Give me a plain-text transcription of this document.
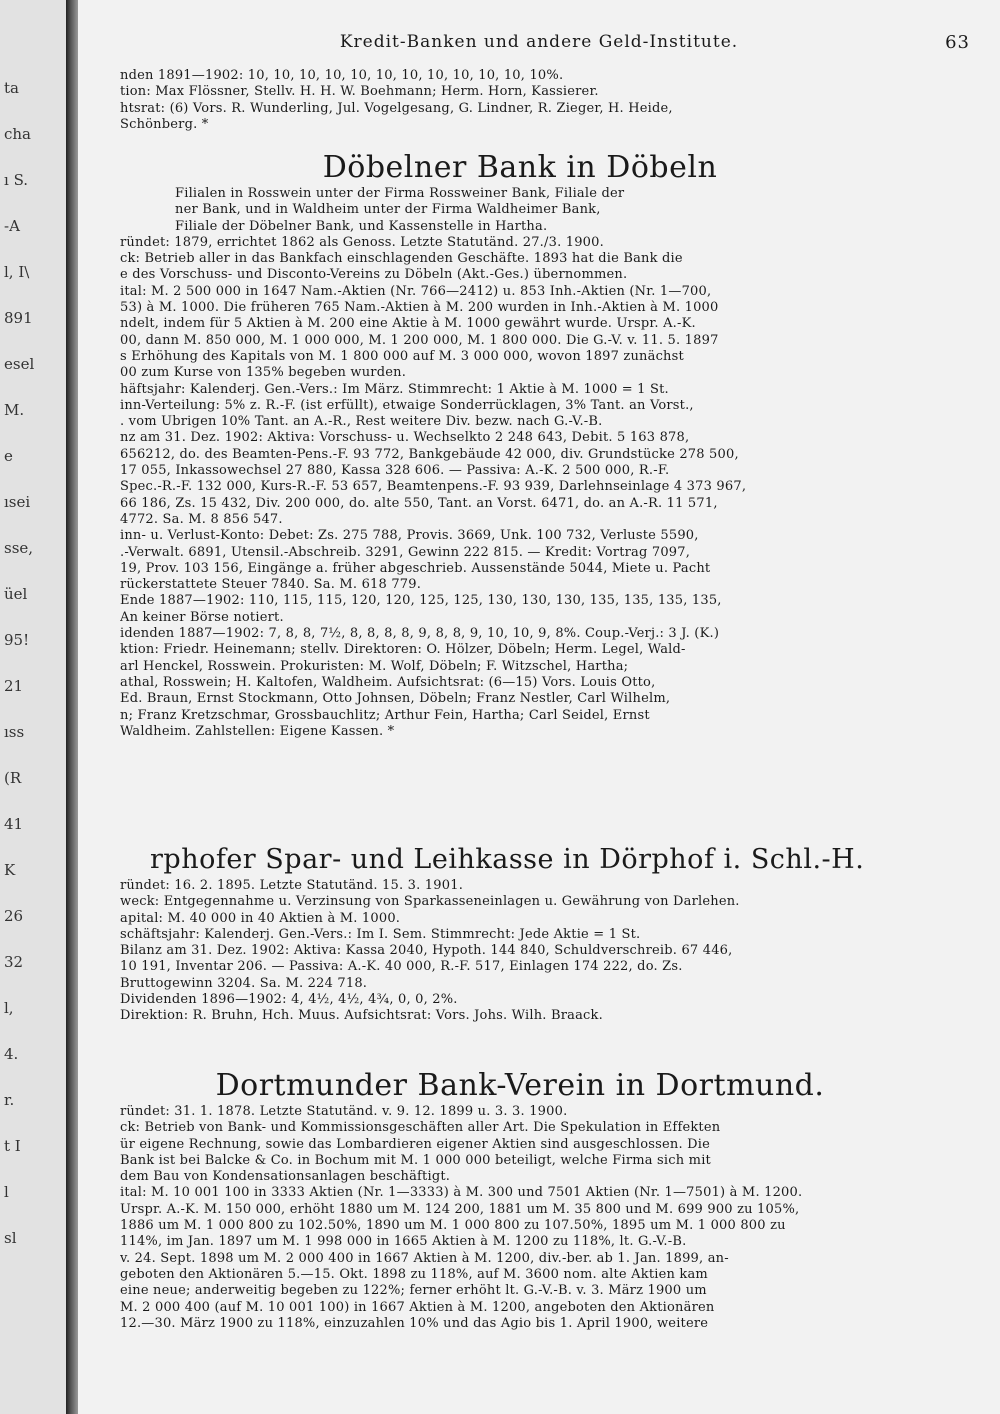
ta
cha
ı S.
-A
l, I\
891
esel
M.
e
ısei
sse,
üel
95!
21
ıss
(R
41
K
26
32
l,
4.
r.
t I
l
sl
Kredit-Banken und andere Geld-Institute.	63
nden 1891—1902: 10, 10, 10, 10, 10, 10, 10, 10, 10, 10, 10, 10%.
tion: Max Flössner, Stellv. H. H. W. Boehmann; Herm. Horn, Kassierer.
htsrat: (6) Vors. R. Wunderling, Jul. Vogelgesang, G. Lindner, R. Zieger, H. Heide,
Schönberg. *
Döbelner Bank in Döbeln
Filialen in Rosswein unter der Firma Rossweiner Bank, Filiale der
ner Bank, und in Waldheim unter der Firma Waldheimer Bank,
Filiale der Döbelner Bank, und Kassenstelle in Hartha.
ründet: 1879, errichtet 1862 als Genoss. Letzte Statutänd. 27./3. 1900.
ck: Betrieb aller in das Bankfach einschlagenden Geschäfte. 1893 hat die Bank die
e des Vorschuss- und Disconto-Vereins zu Döbeln (Akt.-Ges.) übernommen.
ital: M. 2 500 000 in 1647 Nam.-Aktien (Nr. 766—2412) u. 853 Inh.-Aktien (Nr. 1—700,
53) à M. 1000. Die früheren 765 Nam.-Aktien à M. 200 wurden in Inh.-Aktien à M. 1000
ndelt, indem für 5 Aktien à M. 200 eine Aktie à M. 1000 gewährt wurde. Urspr. A.-K.
00, dann M. 850 000, M. 1 000 000, M. 1 200 000, M. 1 800 000. Die G.-V. v. 11. 5. 1897
s Erhöhung des Kapitals von M. 1 800 000 auf M. 3 000 000, wovon 1897 zunächst
00 zum Kurse von 135% begeben wurden.
häftsjahr: Kalenderj. Gen.-Vers.: Im März. Stimmrecht: 1 Aktie à M. 1000 = 1 St.
inn-Verteilung: 5% z. R.-F. (ist erfüllt), etwaige Sonderrücklagen, 3% Tant. an Vorst.,
. vom Übrigen 10% Tant. an A.-R., Rest weitere Div. bezw. nach G.-V.-B.
nz am 31. Dez. 1902: Aktiva: Vorschuss- u. Wechselkto 2 248 643, Debit. 5 163 878,
656212, do. des Beamten-Pens.-F. 93 772, Bankgebäude 42 000, div. Grundstücke 278 500,
17 055, Inkassowechsel 27 880, Kassa 328 606. — Passiva: A.-K. 2 500 000, R.-F.
Spec.-R.-F. 132 000, Kurs-R.-F. 53 657, Beamtenpens.-F. 93 939, Darlehnseinlage 4 373 967,
66 186, Zs. 15 432, Div. 200 000, do. alte 550, Tant. an Vorst. 6471, do. an A.-R. 11 571,
4772. Sa. M. 8 856 547.
inn- u. Verlust-Konto: Debet: Zs. 275 788, Provis. 3669, Unk. 100 732, Verluste 5590,
.-Verwalt. 6891, Utensil.-Abschreib. 3291, Gewinn 222 815. — Kredit: Vortrag 7097,
19, Prov. 103 156, Eingänge a. früher abgeschrieb. Aussenstände 5044, Miete u. Pacht
rückerstattete Steuer 7840. Sa. M. 618 779.
Ende 1887—1902: 110, 115, 115, 120, 120, 125, 125, 130, 130, 130, 135, 135, 135, 135,
An keiner Börse notiert.
idenden 1887—1902: 7, 8, 8, 7½, 8, 8, 8, 8, 9, 8, 8, 9, 10, 10, 9, 8%. Coup.-Verj.: 3 J. (K.)
ktion: Friedr. Heinemann; stellv. Direktoren: O. Hölzer, Döbeln; Herm. Legel, Wald-
arl Henckel, Rosswein. Prokuristen: M. Wolf, Döbeln; F. Witzschel, Hartha;
athal, Rosswein; H. Kaltofen, Waldheim. Aufsichtsrat: (6—15) Vors. Louis Otto,
Ed. Braun, Ernst Stockmann, Otto Johnsen, Döbeln; Franz Nestler, Carl Wilhelm,
n; Franz Kretzschmar, Grossbauchlitz; Arthur Fein, Hartha; Carl Seidel, Ernst
Waldheim. Zahlstellen: Eigene Kassen. *
rphofer Spar- und Leihkasse in Dörphof i. Schl.-H.
ründet: 16. 2. 1895. Letzte Statutänd. 15. 3. 1901.
weck: Entgegennahme u. Verzinsung von Sparkasseneinlagen u. Gewährung von Darlehen.
apital: M. 40 000 in 40 Aktien à M. 1000.
schäftsjahr: Kalenderj. Gen.-Vers.: Im I. Sem. Stimmrecht: Jede Aktie = 1 St.
Bilanz am 31. Dez. 1902: Aktiva: Kassa 2040, Hypoth. 144 840, Schuldverschreib. 67 446,
10 191, Inventar 206. — Passiva: A.-K. 40 000, R.-F. 517, Einlagen 174 222, do. Zs.
Bruttogewinn 3204. Sa. M. 224 718.
Dividenden 1896—1902: 4, 4½, 4½, 4¾, 0, 0, 2%.
Direktion: R. Bruhn, Hch. Muus. Aufsichtsrat: Vors. Johs. Wilh. Braack.
Dortmunder Bank-Verein in Dortmund.
ründet: 31. 1. 1878. Letzte Statutänd. v. 9. 12. 1899 u. 3. 3. 1900.
ck: Betrieb von Bank- und Kommissionsgeschäften aller Art. Die Spekulation in Effekten
ür eigene Rechnung, sowie das Lombardieren eigener Aktien sind ausgeschlossen. Die
Bank ist bei Balcke & Co. in Bochum mit M. 1 000 000 beteiligt, welche Firma sich mit
dem Bau von Kondensationsanlagen beschäftigt.
ital: M. 10 001 100 in 3333 Aktien (Nr. 1—3333) à M. 300 und 7501 Aktien (Nr. 1—7501) à M. 1200.
Urspr. A.-K. M. 150 000, erhöht 1880 um M. 124 200, 1881 um M. 35 800 und M. 699 900 zu 105%,
1886 um M. 1 000 800 zu 102.50%, 1890 um M. 1 000 800 zu 107.50%, 1895 um M. 1 000 800 zu
114%, im Jan. 1897 um M. 1 998 000 in 1665 Aktien à M. 1200 zu 118%, lt. G.-V.-B.
v. 24. Sept. 1898 um M. 2 000 400 in 1667 Aktien à M. 1200, div.-ber. ab 1. Jan. 1899, an-
geboten den Aktionären 5.—15. Okt. 1898 zu 118%, auf M. 3600 nom. alte Aktien kam
eine neue; anderweitig begeben zu 122%; ferner erhöht lt. G.-V.-B. v. 3. März 1900 um
M. 2 000 400 (auf M. 10 001 100) in 1667 Aktien à M. 1200, angeboten den Aktionären
12.—30. März 1900 zu 118%, einzuzahlen 10% und das Agio bis 1. April 1900, weitere
